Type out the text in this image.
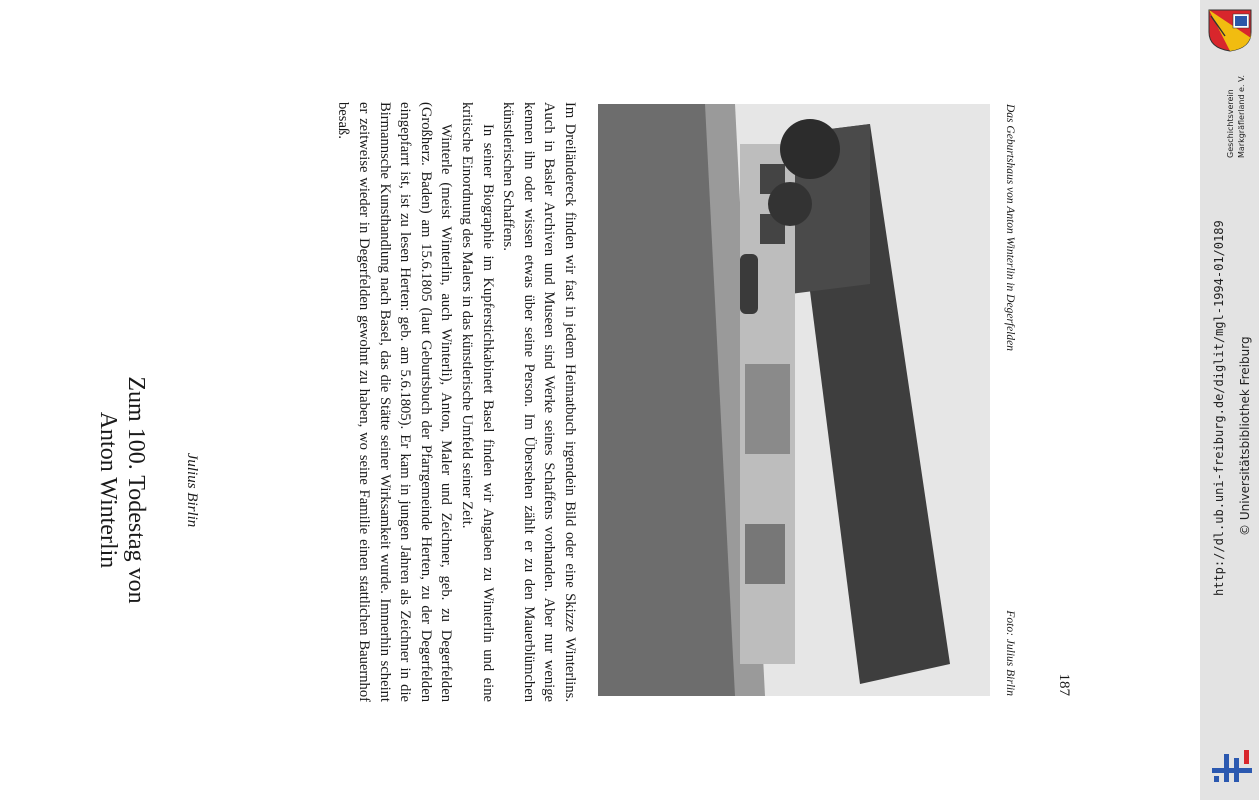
Zum 100. Todestag von
Anton Winterlin	Julius Birlin	Im Dreiländereck finden wir fast in jedem Heimatbuch irgendein Bild oder eine Skizze Winterlins. Auch in Basler Archiven und Museen sind Werke seines Schaffens vorhanden. Aber nur wenige kennen ihn oder wissen etwas über seine Person. Im Übersehen zählt er zu den Mauerblümchen künstlerischen Schaffens.

In seiner Biographie im Kupferstichkabinett Basel finden wir Angaben zu Winterlin und eine kritische Einordnung des Malers in das künstlerische Umfeld seiner Zeit.

Winterle (meist Winterlin, auch Winterli), Anton, Maler und Zeichner, geb. zu Degerfelden (Großherz. Baden) am 15.6.1805 (laut Geburtsbuch der Pfarrgemeinde Herten, zu der Degerfelden eingepfarrt ist, ist zu lesen Herten: geb. am 5.6.1805). Er kam in jungen Jahren als Zeichner in die Birmannsche Kunsthandlung nach Basel, das die Stätte seiner Wirksamkeit wurde. Immerhin scheint er zeitweise wieder in Degerfelden gewohnt zu haben, wo seine Familie einen stattlichen Bauernhof besaß.	Das Geburtshaus von Anton Winterlin in Degerfelden
Foto: Julius Birlin	187
Geschichtsverein Markgräflerland e. V.
http://dl.ub.uni-freiburg.de/diglit/mgl-1994-01/0189 © Universitätsbibliothek Freiburg
